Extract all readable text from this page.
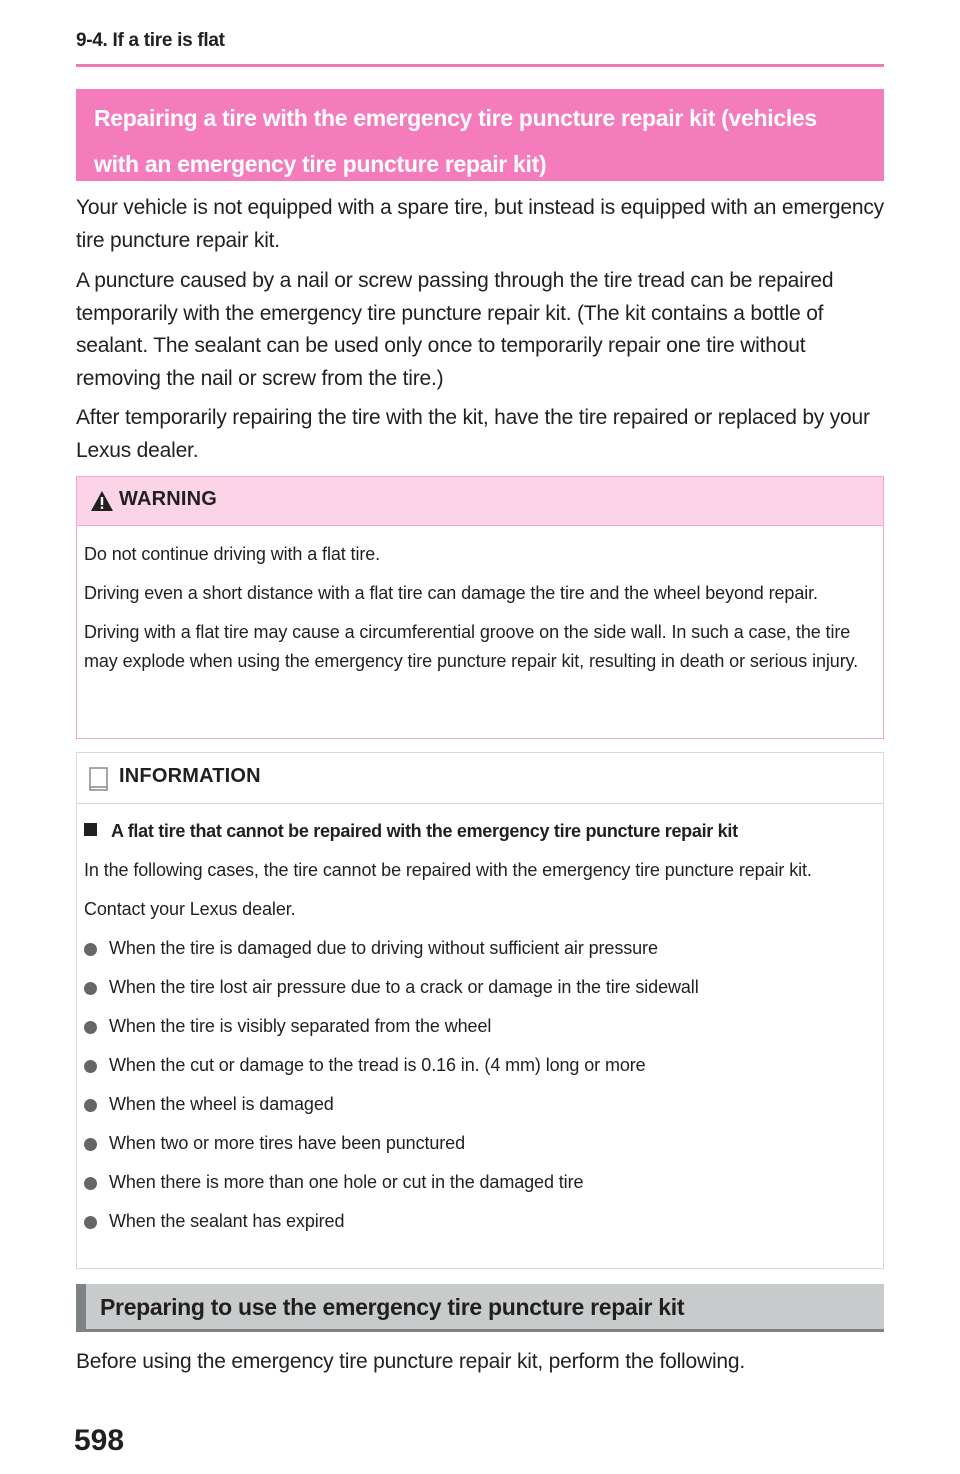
9-4. If a tire is flat
Repairing a tire with the emergency tire puncture repair kit (vehicles
with an emergency tire puncture repair kit)
Your vehicle is not equipped with a spare tire, but instead is equipped with an emergency tire puncture repair kit.
A puncture caused by a nail or screw passing through the tire tread can be repaired temporarily with the emergency tire puncture repair kit. (The kit contains a bottle of sealant. The sealant can be used only once to temporarily repair one tire without removing the nail or screw from the tire.)
After temporarily repairing the tire with the kit, have the tire repaired or replaced by your Lexus dealer.
WARNING

Do not continue driving with a flat tire.

Driving even a short distance with a flat tire can damage the tire and the wheel beyond repair.

Driving with a flat tire may cause a circumferential groove on the side wall. In such a case, the tire may explode when using the emergency tire puncture repair kit, resulting in death or serious injury.

INFORMATION

A flat tire that cannot be repaired with the emergency tire puncture repair kit

In the following cases, the tire cannot be repaired with the emergency tire puncture repair kit.

Contact your Lexus dealer.

When the tire is damaged due to driving without sufficient air pressure
When the tire lost air pressure due to a crack or damage in the tire sidewall
When the tire is visibly separated from the wheel
When the cut or damage to the tread is 0.16 in. (4 mm) long or more
When the wheel is damaged
When two or more tires have been punctured
When there is more than one hole or cut in the damaged tire
When the sealant has expired
Preparing to use the emergency tire puncture repair kit
Before using the emergency tire puncture repair kit, perform the following.
598
